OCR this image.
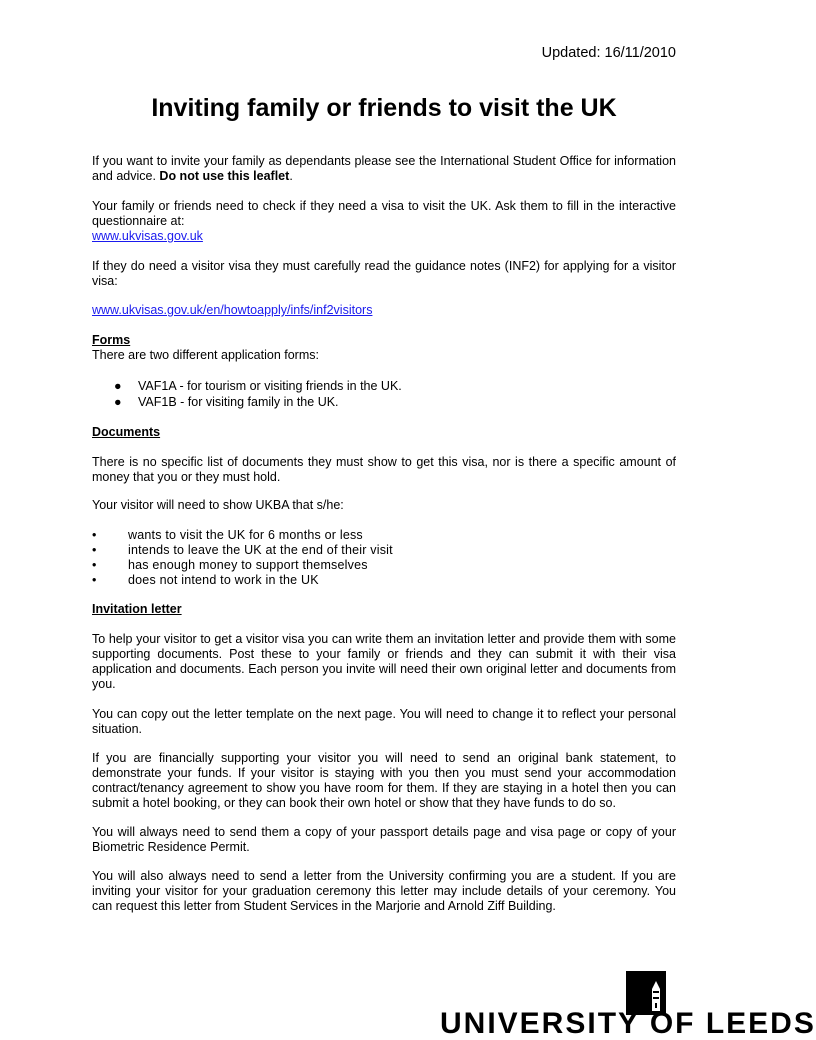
Updated: 16/11/2010
Inviting family or friends to visit the UK

If you want to invite your family as dependants please see the International Student Office for information and advice. Do not use this leaflet.

Your family or friends need to check if they need a visa to visit the UK. Ask them to fill in the interactive questionnaire at:
www.ukvisas.gov.uk

If they do need a visitor visa they must carefully read the guidance notes (INF2) for applying for a visitor visa:

www.ukvisas.gov.uk/en/howtoapply/infs/inf2visitors

Forms
There are two different application forms:

●	VAF1A - for tourism or visiting friends in the UK.
●	VAF1B - for visiting family in the UK.

Documents

There is no specific list of documents they must show to get this visa, nor is there a specific amount of money that you or they must hold.

Your visitor will need to show UKBA that s/he:

•	wants to visit the UK for 6 months or less
•	intends to leave the UK at the end of their visit
•	has enough money to support themselves
•	does not intend to work in the UK

Invitation letter

To help your visitor to get a visitor visa you can write them an invitation letter and provide them with some supporting documents. Post these to your family or friends and they can submit it with their visa application and documents. Each person you invite will need their own original letter and documents from you.

You can copy out the letter template on the next page. You will need to change it to reflect your personal situation.

If you are financially supporting your visitor you will need to send an original bank statement, to demonstrate your funds. If your visitor is staying with you then you must send your accommodation contract/tenancy agreement to show you have room for them. If they are staying in a hotel then you can submit a hotel booking, or they can book their own hotel or show that they have funds to do so.

You will always need to send them a copy of your passport details page and visa page or copy of your Biometric Residence Permit.

You will also always need to send a letter from the University confirming you are a student. If you are inviting your visitor for your graduation ceremony this letter may include details of your ceremony. You can request this letter from Student Services in the Marjorie and Arnold Ziff Building.

UNIVERSITY OF LEEDS
